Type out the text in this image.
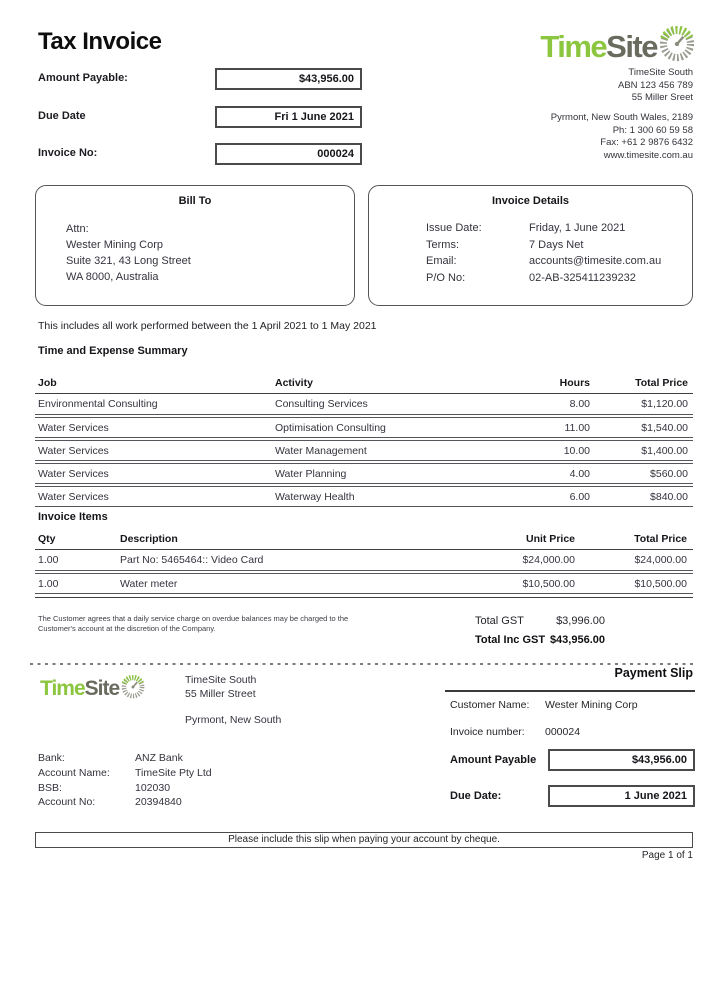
Tax Invoice
Amount Payable:	$43,956.00
Due Date	Fri 1 June 2021
Invoice No:	000024
TimeSite
TimeSite South
ABN 123 456 789
55 Miller Sreet
Pyrmont, New South Wales, 2189
Ph: 1 300 60 59 58
Fax: +61 2 9876 6432
www.timesite.com.au
Bill To
Attn:
Wester Mining Corp
Suite 321, 43 Long Street
WA 8000, Australia
Invoice Details
Issue Date:	Friday, 1 June 2021
Terms:	7 Days Net
Email:	accounts@timesite.com.au
P/O No:	02-AB-325411239232
This includes all work performed between the 1 April 2021 to 1 May 2021
Time and Expense Summary
Job	Activity	Hours	Total Price
Environmental Consulting	Consulting Services	8.00	$1,120.00
Water Services	Optimisation Consulting	11.00	$1,540.00
Water Services	Water Management	10.00	$1,400.00
Water Services	Water Planning	4.00	$560.00
Water Services	Waterway Health	6.00	$840.00
Invoice Items
Qty	Description	Unit Price	Total Price
1.00	Part No: 5465464:: Video Card	$24,000.00	$24,000.00
1.00	Water meter	$10,500.00	$10,500.00
The Customer agrees that a daily service charge on overdue balances may be charged to the Customer's account at the discretion of the Company.
Total GST	$3,996.00
Total Inc GST $43,956.00
Payment Slip
TimeSite	TimeSite South
55 Miller Street
Pyrmont, New South
Bank:	ANZ Bank
Account Name:	TimeSite Pty Ltd
BSB:	102030
Account No:	20394840
Customer Name:	Wester Mining Corp
Invoice number:	000024
Amount Payable	$43,956.00
Due Date:	1 June 2021
Please include this slip when paying your account by cheque.
Page 1 of 1
